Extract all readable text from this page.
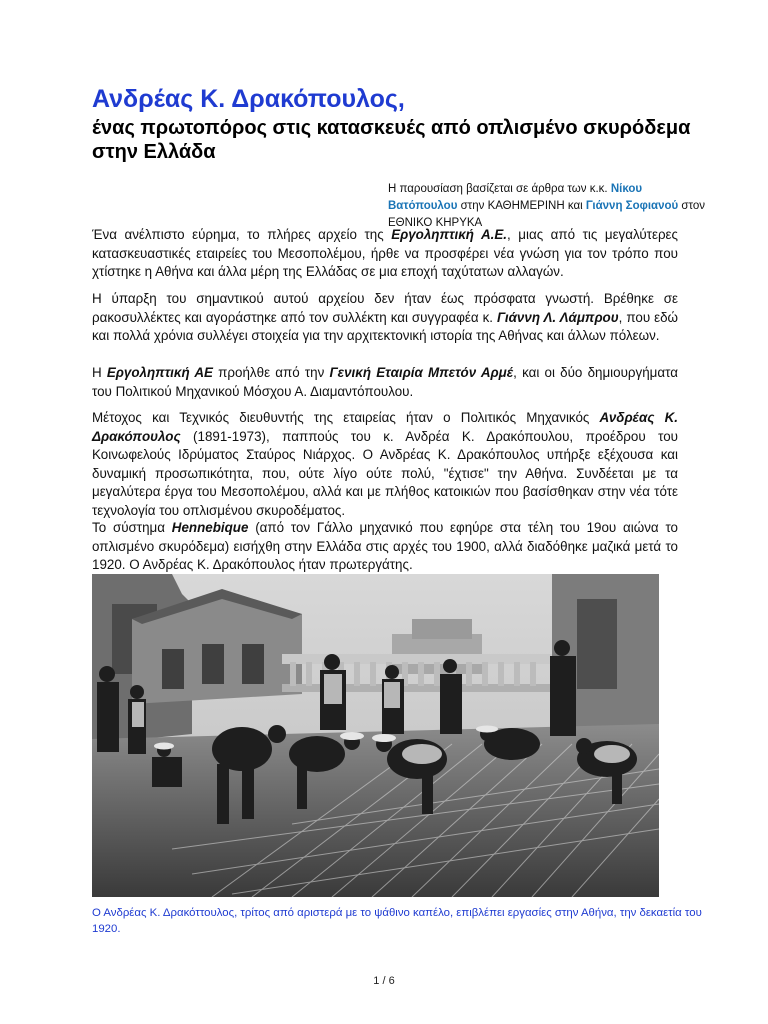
Ανδρέας Κ. Δρακόπουλος,
ένας πρωτοπόρος στις κατασκευές από οπλισμένο σκυρόδεμα στην Ελλάδα
Η παρουσίαση βασίζεται σε άρθρα των κ.κ. Νίκου Βατόπουλου στην ΚΑΘΗΜΕΡΙΝΗ και Γιάννη Σοφιανού στον ΕΘΝΙΚΟ ΚΗΡΥΚΑ

Ένα ανέλπιστο εύρημα, το πλήρες αρχείο της Εργοληπτική Α.Ε., μιας από τις μεγαλύτερες κατασκευαστικές εταιρείες του Μεσοπολέμου, ήρθε να προσφέρει νέα γνώση για τον τρόπο που χτίστηκε η Αθήνα και άλλα μέρη της Ελλάδας σε μια εποχή ταχύτατων αλλαγών.

Η ύπαρξη του σημαντικού αυτού αρχείου δεν ήταν έως πρόσφατα γνωστή. Βρέθηκε σε ρακοσυλλέκτες και αγοράστηκε από τον συλλέκτη και συγγραφέα κ. Γιάννη Λ. Λάμπρου, που εδώ και πολλά χρόνια συλλέγει στοιχεία για την αρχιτεκτονική ιστορία της Αθήνας και άλλων πόλεων.

Η Εργοληπτική ΑΕ προήλθε από την Γενική Εταιρία Μπετόν Αρμέ, και οι δύο δημιουργήματα του Πολιτικού Μηχανικού Μόσχου Α. Διαμαντόπουλου.

Μέτοχος και Τεχνικός διευθυντής της εταιρείας ήταν ο Πολιτικός Μηχανικός Ανδρέας Κ. Δρακόπουλος (1891-1973), παππούς του κ. Ανδρέα Κ. Δρακόπουλου, προέδρου του Κοινωφελούς Ιδρύματος Σταύρος Νιάρχος. Ο Ανδρέας Κ. Δρακόπουλος υπήρξε εξέχουσα και δυναμική προσωπικότητα, που, ούτε λίγο ούτε πολύ, "έχτισε" την Αθήνα. Συνδέεται με τα μεγαλύτερα έργα του Μεσοπολέμου, αλλά και με πλήθος κατοικιών που βασίσθηκαν στην νέα τότε τεχνολογία του οπλισμένου σκυροδέματος.

Το σύστημα Hennebique (από τον Γάλλο μηχανικό που εφηύρε στα τέλη του 19ου αιώνα το οπλισμένο σκυρόδεμα) εισήχθη στην Ελλάδα στις αρχές του 1900, αλλά διαδόθηκε μαζικά μετά το 1920. Ο Ανδρέας Κ. Δρακόπουλος ήταν πρωτεργάτης.

Ο Ανδρέας Κ. Δρακόττουλος, τρίτος από αριστερά με το ψάθινο καπέλο, επιβλέπει εργασίες στην Αθήνα, την δεκαετία του 1920.
1 / 6
